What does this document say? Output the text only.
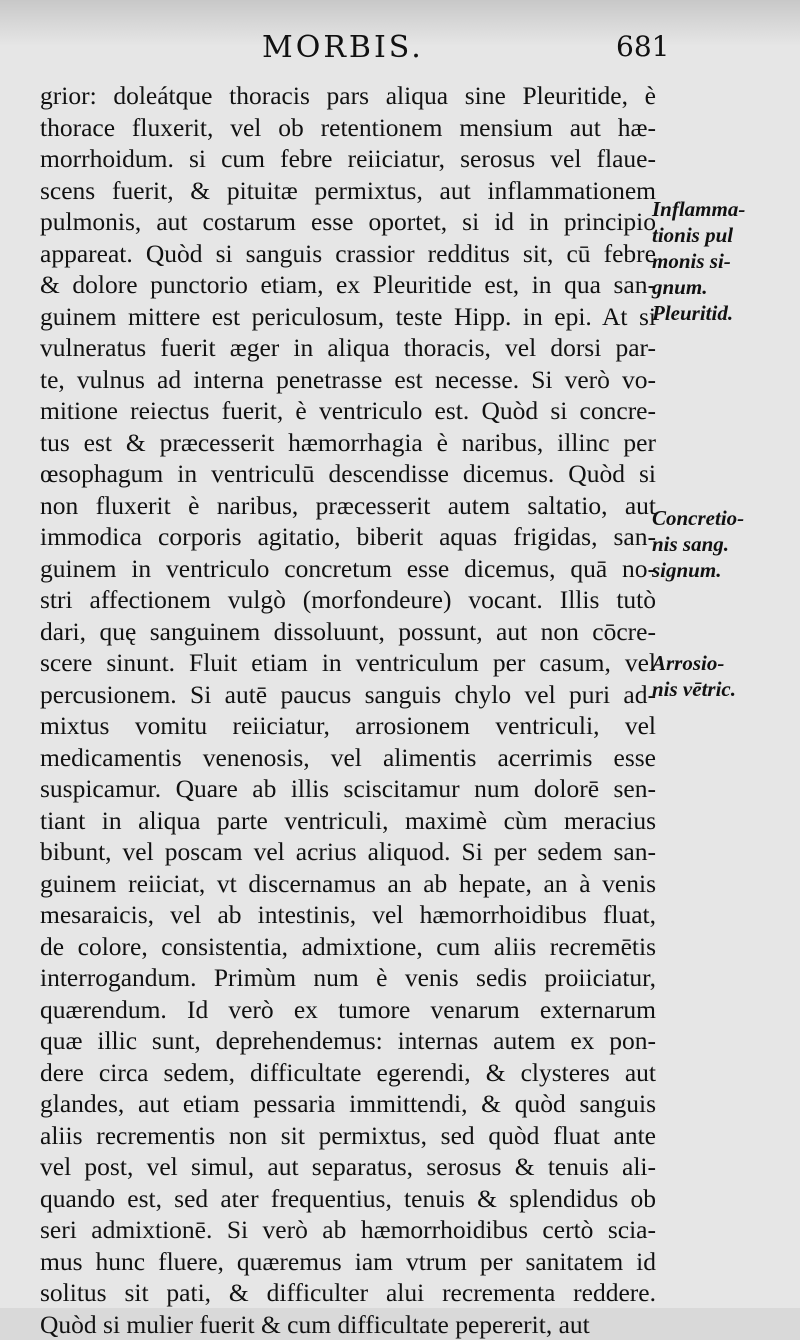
MORBIS.	681
grior: doleátque thoracis pars aliqua sine Pleuritide, è
thorace fluxerit, vel ob retentionem mensium aut hæ-
morrhoidum. si cum febre reiiciatur, serosus vel flaue-
scens fuerit, & pituitæ permixtus, aut inflammationem
pulmonis, aut costarum esse oportet, si id in principio
appareat. Quòd si sanguis crassior redditus sit, cū febre
& dolore punctorio etiam, ex Pleuritide est, in qua san-
guinem mittere est periculosum, teste Hipp. in epi. At si
vulneratus fuerit æger in aliqua thoracis, vel dorsi par-
te, vulnus ad interna penetrasse est necesse. Si verò vo-
mitione reiectus fuerit, è ventriculo est. Quòd si concre-
tus est & præcesserit hæmorrhagia è naribus, illinc per
œsophagum in ventriculū descendisse dicemus. Quòd si
non fluxerit è naribus, præcesserit autem saltatio, aut
immodica corporis agitatio, biberit aquas frigidas, san-
guinem in ventriculo concretum esse dicemus, quā no-
stri affectionem vulgò (morfondeure) vocant. Illis tutò
dari, quę sanguinem dissoluunt, possunt, aut non cōcre-
scere sinunt. Fluit etiam in ventriculum per casum, vel
percusionem. Si autē paucus sanguis chylo vel puri ad-
mixtus vomitu reiiciatur, arrosionem ventriculi, vel
medicamentis venenosis, vel alimentis acerrimis esse
suspicamur. Quare ab illis sciscitamur num dolorē sen-
tiant in aliqua parte ventriculi, maximè cùm meracius
bibunt, vel poscam vel acrius aliquod. Si per sedem san-
guinem reiiciat, vt discernamus an ab hepate, an à venis
mesaraicis, vel ab intestinis, vel hæmorrhoidibus fluat,
de colore, consistentia, admixtione, cum aliis recremētis
interrogandum. Primùm num è venis sedis proiiciatur,
quærendum. Id verò ex tumore venarum externarum
quæ illic sunt, deprehendemus: internas autem ex pon-
dere circa sedem, difficultate egerendi, & clysteres aut
glandes, aut etiam pessaria immittendi, & quòd sanguis
aliis recrementis non sit permixtus, sed quòd fluat ante
vel post, vel simul, aut separatus, serosus & tenuis ali-
quando est, sed ater frequentius, tenuis & splendidus ob
seri admixtionē. Si verò ab hæmorrhoidibus certò scia-
mus hunc fluere, quæremus iam vtrum per sanitatem id
solitus sit pati, & difficulter alui recrementa reddere.
Quòd si mulier fuerit & cum difficultate pepererit, aut
Inflamma-
tionis pul
monis si-
gnum.
Pleuritid.
Concretio-
nis sang.
signum.
Arrosio-
nis vētric.
